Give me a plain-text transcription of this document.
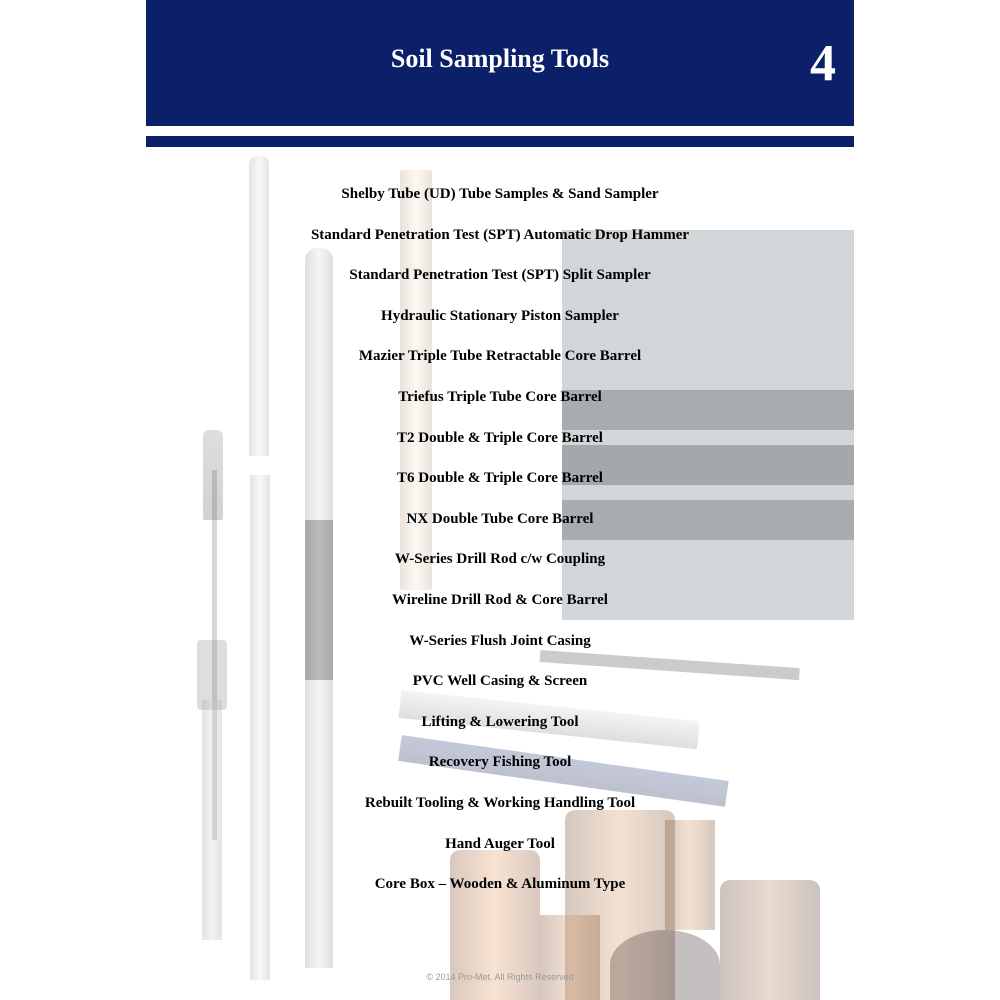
Soil Sampling Tools	4
Shelby Tube (UD) Tube Samples & Sand Sampler
Standard Penetration Test (SPT) Automatic Drop Hammer
Standard Penetration Test (SPT) Split Sampler
Hydraulic Stationary Piston Sampler
Mazier Triple Tube Retractable Core Barrel
Triefus Triple Tube Core Barrel
T2 Double & Triple Core Barrel
T6 Double & Triple Core Barrel
NX Double Tube Core Barrel
W-Series Drill Rod c/w Coupling
Wireline Drill Rod & Core Barrel
W-Series Flush Joint Casing
PVC Well Casing & Screen
Lifting & Lowering Tool
Recovery Fishing Tool
Rebuilt Tooling & Working Handling Tool
Hand Auger Tool
Core Box – Wooden & Aluminum Type
© 2014 Pro-Met. All Rights Reserved
